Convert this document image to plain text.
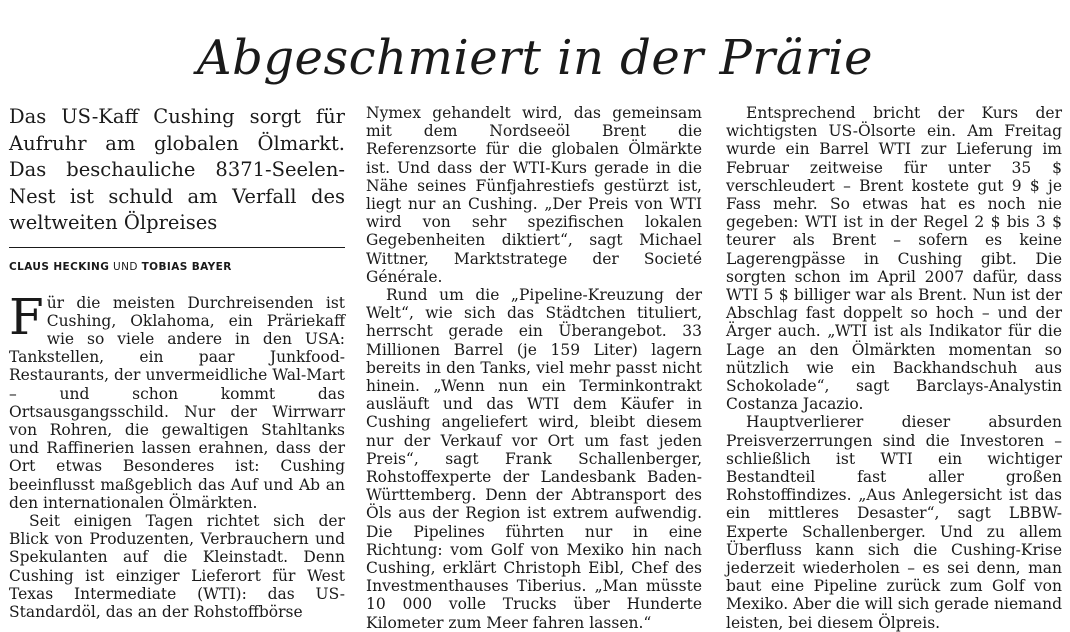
Abgeschmiert in der Prärie

Das US-Kaff Cushing sorgt für Aufruhr am globalen Ölmarkt. Das beschauliche 8371-Seelen-Nest ist schuld am Verfall des weltweiten Ölpreises

CLAUS HECKING UND TOBIAS BAYER

Für die meisten Durchreisenden ist Cushing, Oklahoma, ein Präriekaff wie so viele andere in den USA: Tankstellen, ein paar Junkfood-Restaurants, der unvermeidliche Wal-Mart – und schon kommt das Ortsausgangsschild. Nur der Wirrwarr von Rohren, die gewaltigen Stahltanks und Raffinerien lassen erahnen, dass der Ort etwas Besonderes ist: Cushing beeinflusst maßgeblich das Auf und Ab an den internationalen Ölmärkten.

Seit einigen Tagen richtet sich der Blick von Produzenten, Verbrauchern und Spekulanten auf die Kleinstadt. Denn Cushing ist einziger Lieferort für West Texas Intermediate (WTI): das US-Standardöl, das an der Rohstoffbörse

Nymex gehandelt wird, das gemeinsam mit dem Nordseeöl Brent die Referenzsorte für die globalen Ölmärkte ist. Und dass der WTI-Kurs gerade in die Nähe seines Fünfjahrestiefs gestürzt ist, liegt nur an Cushing. „Der Preis von WTI wird von sehr spezifischen lokalen Gegebenheiten diktiert“, sagt Michael Wittner, Marktstratege der Societé Générale.

Rund um die „Pipeline-Kreuzung der Welt“, wie sich das Städtchen tituliert, herrscht gerade ein Überangebot. 33 Millionen Barrel (je 159 Liter) lagern bereits in den Tanks, viel mehr passt nicht hinein. „Wenn nun ein Terminkontrakt ausläuft und das WTI dem Käufer in Cushing angeliefert wird, bleibt diesem nur der Verkauf vor Ort um fast jeden Preis“, sagt Frank Schallenberger, Rohstoffexperte der Landesbank Baden-Württemberg. Denn der Abtransport des Öls aus der Region ist extrem aufwendig. Die Pipelines führten nur in eine Richtung: vom Golf von Mexiko hin nach Cushing, erklärt Christoph Eibl, Chef des Investmenthauses Tiberius. „Man müsste 10 000 volle Trucks über Hunderte Kilometer zum Meer fahren lassen.“

Entsprechend bricht der Kurs der wichtigsten US-Ölsorte ein. Am Freitag wurde ein Barrel WTI zur Lieferung im Februar zeitweise für unter 35 $ verschleudert – Brent kostete gut 9 $ je Fass mehr. So etwas hat es noch nie gegeben: WTI ist in der Regel 2 $ bis 3 $ teurer als Brent – sofern es keine Lagerengpässe in Cushing gibt. Die sorgten schon im April 2007 dafür, dass WTI 5 $ billiger war als Brent. Nun ist der Abschlag fast doppelt so hoch – und der Ärger auch. „WTI ist als Indikator für die Lage an den Ölmärkten momentan so nützlich wie ein Backhandschuh aus Schokolade“, sagt Barclays-Analystin Costanza Jacazio.

Hauptverlierer dieser absurden Preisverzerrungen sind die Investoren – schließlich ist WTI ein wichtiger Bestandteil fast aller großen Rohstoffindizes. „Aus Anlegersicht ist das ein mittleres Desaster“, sagt LBBW-Experte Schallenberger. Und zu allem Überfluss kann sich die Cushing-Krise jederzeit wiederholen – es sei denn, man baut eine Pipeline zurück zum Golf von Mexiko. Aber die will sich gerade niemand leisten, bei diesem Ölpreis.
